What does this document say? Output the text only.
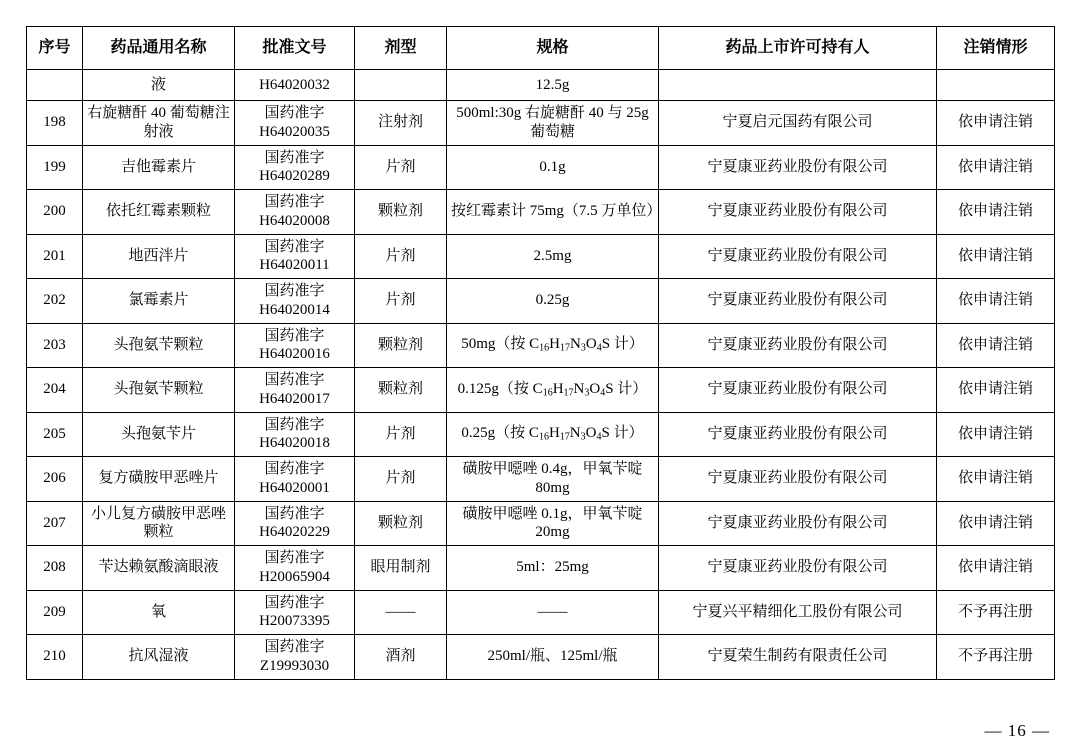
序号	药品通用名称	批准文号	剂型	规格	药品上市许可持有人	注销情形
	液	H64020032		12.5g		
198	右旋糖酐 40 葡萄糖注射液	国药准字H64020035	注射剂	500ml:30g 右旋糖酐 40 与 25g 葡萄糖	宁夏启元国药有限公司	依申请注销
199	吉他霉素片	国药准字H64020289	片剂	0.1g	宁夏康亚药业股份有限公司	依申请注销
200	依托红霉素颗粒	国药准字H64020008	颗粒剂	按红霉素计 75mg（7.5 万单位）	宁夏康亚药业股份有限公司	依申请注销
201	地西泮片	国药准字H64020011	片剂	2.5mg	宁夏康亚药业股份有限公司	依申请注销
202	氯霉素片	国药准字H64020014	片剂	0.25g	宁夏康亚药业股份有限公司	依申请注销
203	头孢氨苄颗粒	国药准字H64020016	颗粒剂	50mg（按 $C_{16}H_{17}N_3O_4S$ 计）	宁夏康亚药业股份有限公司	依申请注销
204	头孢氨苄颗粒	国药准字H64020017	颗粒剂	0.125g（按 $C_{16}H_{17}N_3O_4S$ 计）	宁夏康亚药业股份有限公司	依申请注销
205	头孢氨苄片	国药准字H64020018	片剂	0.25g（按 $C_{16}H_{17}N_3O_4S$ 计）	宁夏康亚药业股份有限公司	依申请注销
206	复方磺胺甲恶唑片	国药准字H64020001	片剂	磺胺甲噁唑 0.4g，甲氧苄啶 80mg	宁夏康亚药业股份有限公司	依申请注销
207	小儿复方磺胺甲恶唑颗粒	国药准字H64020229	颗粒剂	磺胺甲噁唑 0.1g，甲氧苄啶 20mg	宁夏康亚药业股份有限公司	依申请注销
208	苄达赖氨酸滴眼液	国药准字H20065904	眼用制剂	5ml：25mg	宁夏康亚药业股份有限公司	依申请注销
209	氧	国药准字H20073395	——	——	宁夏兴平精细化工股份有限公司	不予再注册
210	抗风湿液	国药准字Z19993030	酒剂	250ml/瓶、125ml/瓶	宁夏荣生制药有限责任公司	不予再注册
— 16 —
